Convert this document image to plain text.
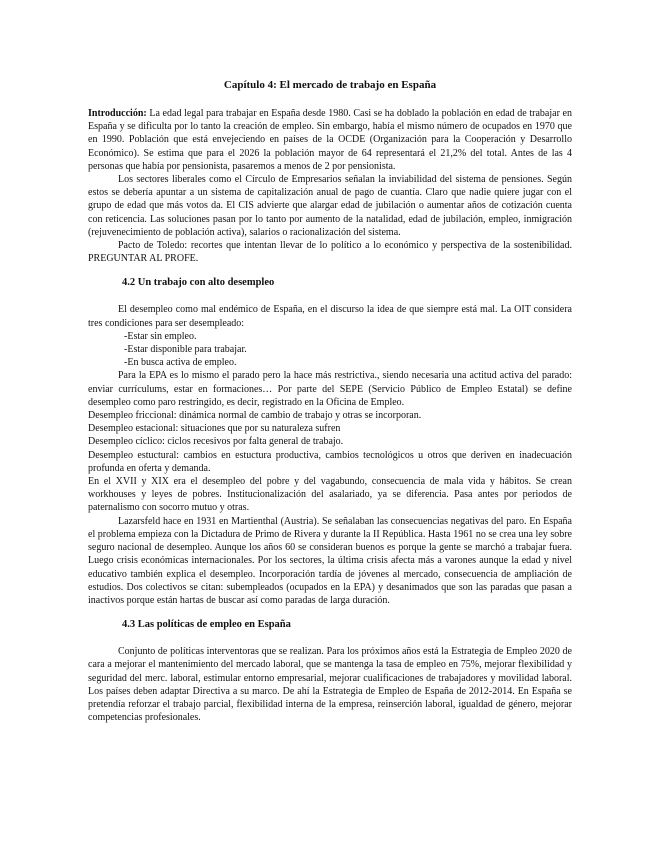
Capítulo 4: El mercado de trabajo en España

Introducción: La edad legal para trabajar en España desde 1980. Casi se ha doblado la población en edad de trabajar en España y se dificulta por lo tanto la creación de empleo. Sin embargo, había el mismo número de ocupados en 1970 que en 1990. Población que está envejeciendo en países de la OCDE (Organización para la Cooperación y Desarrollo Económico). Se estima que para el 2026 la población mayor de 64 representará el 21,2% del total. Antes de las 4 personas que había por pensionista, pasaremos a menos de 2 por pensionista.

Los sectores liberales como el Círculo de Empresarios señalan la inviabilidad del sistema de pensiones. Según estos se debería apuntar a un sistema de capitalización anual de pago de cuantía. Claro que nadie quiere jugar con el grupo de edad que más votos da. El CIS advierte que alargar edad de jubilación o aumentar años de cotización cuenta con reticencia. Las soluciones pasan por lo tanto por aumento de la natalidad, edad de jubilación, empleo, inmigración (rejuvenecimiento de población activa), salarios o racionalización del sistema.

Pacto de Toledo: recortes que intentan llevar de lo político a lo económico y perspectiva de la sostenibilidad. PREGUNTAR AL PROFE.

4.2 Un trabajo con alto desempleo

El desempleo como mal endémico de España, en el discurso la idea de que siempre está mal. La OIT considera tres condiciones para ser desempleado:

-Estar sin empleo.

-Estar disponible para trabajar.

-En busca activa de empleo.

Para la EPA es lo mismo el parado pero la hace más restrictiva., siendo necesaria una actitud activa del parado: enviar currículums, estar en formaciones… Por parte del SEPE (Servicio Público de Empleo Estatal) se define desempleo como paro restringido, es decir, registrado en la Oficina de Empleo.

Desempleo friccional: dinámica normal de cambio de trabajo y otras se incorporan.

Desempleo estacional: situaciones que por su naturaleza sufren

Desempleo cíclico: ciclos recesivos por falta general de trabajo.

Desempleo estuctural: cambios en estuctura productiva, cambios tecnológicos u otros que deriven en inadecuación profunda en oferta y demanda.

En el XVII y XIX era el desempleo del pobre y del vagabundo, consecuencia de mala vida y hábitos. Se crean workhouses y leyes de pobres. Institucionalización del asalariado, ya se diferencia. Pasa antes por periodos de paternalismo con socorro mutuo y otras.

Lazarsfeld hace en 1931 en Martienthal (Austria). Se señalaban las consecuencias negativas del paro. En España el problema empieza con la Dictadura de Primo de Rivera y durante la II República. Hasta 1961 no se crea una ley sobre seguro nacional de desempleo. Aunque los años 60 se consideran buenos es porque la gente se marchó a trabajar fuera. Luego crisis económicas internacionales. Por los sectores, la última crisis afecta más a varones aunque la edad y nivel educativo también explica el desempleo. Incorporación tardía de jóvenes al mercado, consecuencia de ampliación de estudios. Dos colectivos se citan: subempleados (ocupados en la EPA) y desanimados que son las paradas que pasan a inactivos porque están hartas de buscar así como paradas de larga duración.

4.3 Las políticas de empleo en España

Conjunto de políticas interventoras que se realizan. Para los próximos años está la Estrategia de Empleo 2020 de cara a mejorar el mantenimiento del mercado laboral, que se mantenga la tasa de empleo en 75%, mejorar flexibilidad y seguridad del merc. laboral, estimular entorno empresarial, mejorar cualificaciones de trabajadores y movilidad laboral. Los países deben adaptar Directiva a su marco. De ahí la Estrategia de Empleo de España de 2012-2014. En España se pretendía reforzar el trabajo parcial, flexibilidad interna de la empresa, reinserción laboral, igualdad de género, mejorar competencias profesionales.
